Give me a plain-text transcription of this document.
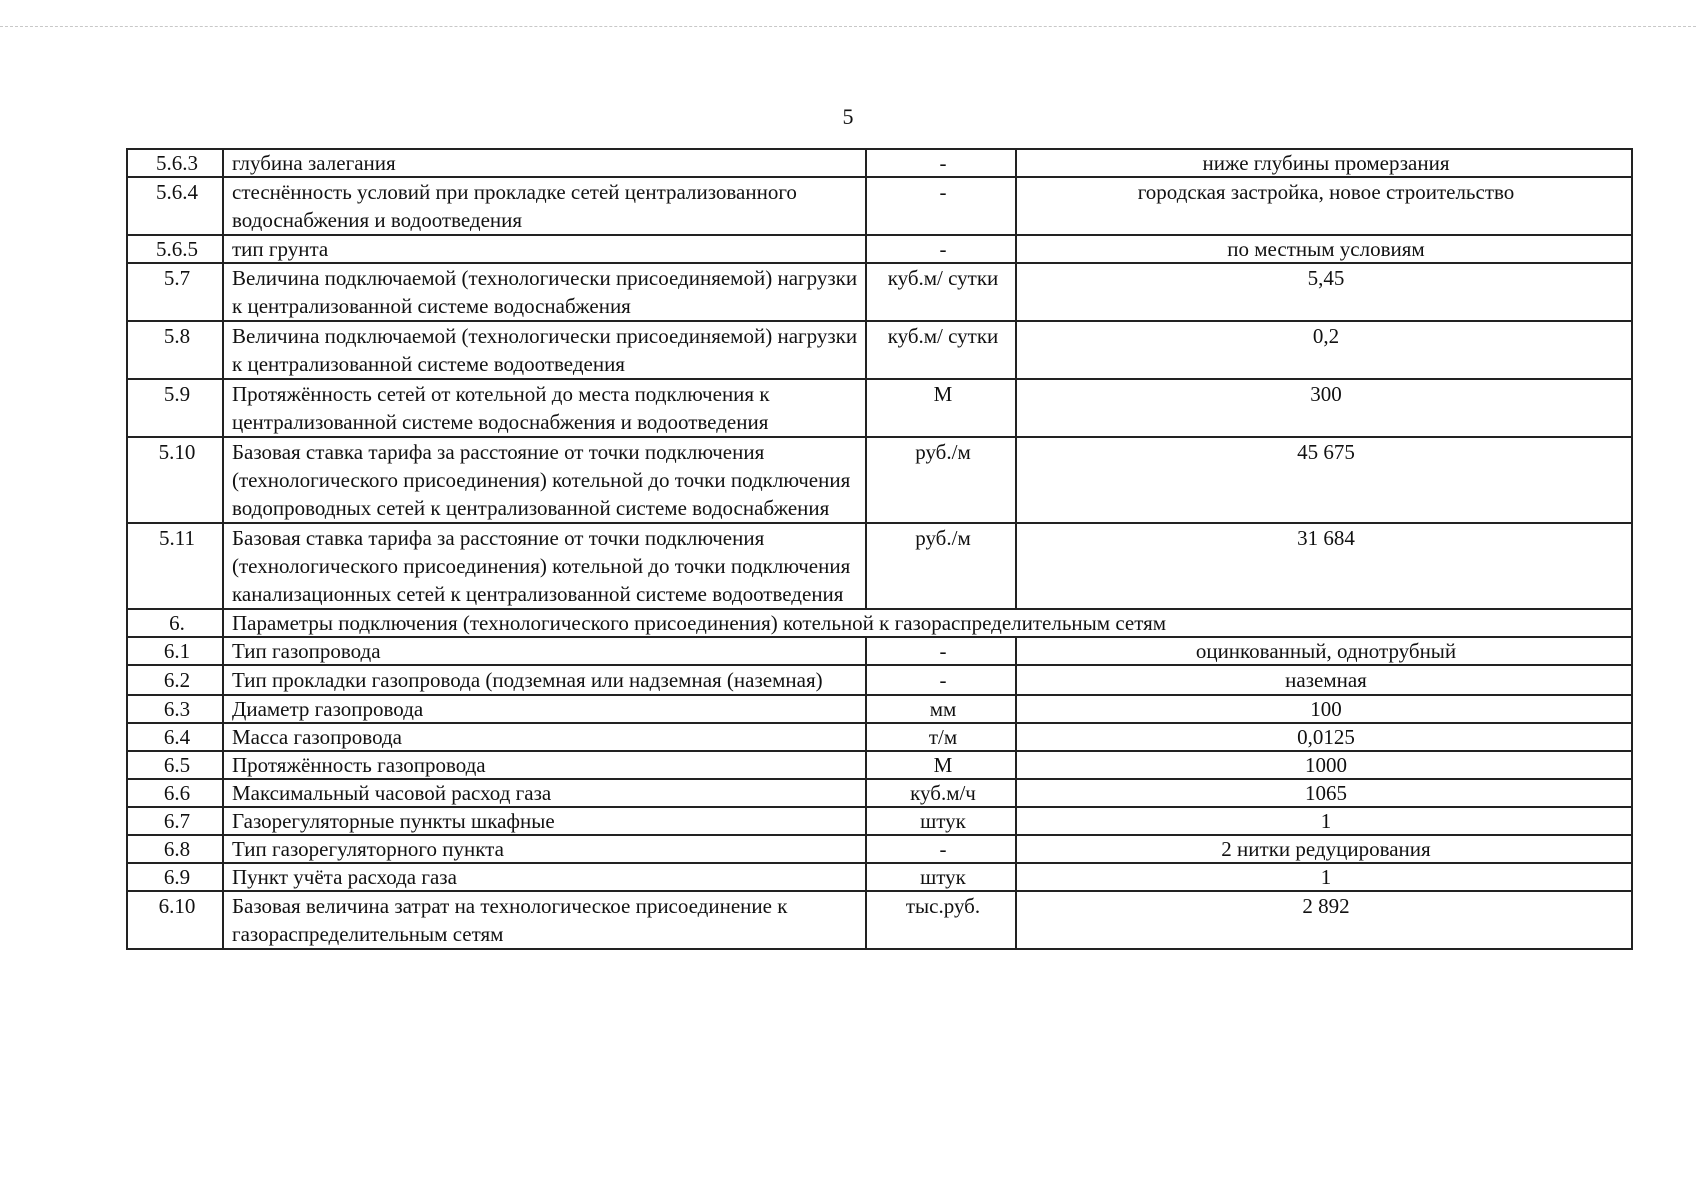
5
5.6.3	глубина залегания	-	ниже глубины промерзания
5.6.4	стеснённость условий при прокладке сетей централизованного водоснабжения и водоотведения	-	городская застройка, новое строительство
5.6.5	тип грунта	-	по местным условиям
5.7	Величина подключаемой (технологически присоединяемой) нагрузки к централизованной системе водоснабжения	куб.м/ сутки	5,45
5.8	Величина подключаемой (технологически присоединяемой) нагрузки к централизованной системе водоотведения	куб.м/ сутки	0,2
5.9	Протяжённость сетей от котельной до места подключения к централизованной системе водоснабжения и водоотведения	М	300
5.10	Базовая ставка тарифа за расстояние от точки подключения (технологического присоединения) котельной до точки подключения водопроводных сетей к централизованной системе водоснабжения	руб./м	45 675
5.11	Базовая ставка тарифа за расстояние от точки подключения (технологического присоединения) котельной до точки подключения канализационных сетей к централизованной системе водоотведения	руб./м	31 684
6.	Параметры подключения (технологического присоединения) котельной к газораспределительным сетям		
6.1	Тип газопровода	-	оцинкованный, однотрубный
6.2	Тип прокладки газопровода (подземная или надземная (наземная)	-	наземная
6.3	Диаметр газопровода	мм	100
6.4	Масса газопровода	т/м	0,0125
6.5	Протяжённость газопровода	М	1000
6.6	Максимальный часовой расход газа	куб.м/ч	1065
6.7	Газорегуляторные пункты шкафные	штук	1
6.8	Тип газорегуляторного пункта	-	2 нитки редуцирования
6.9	Пункт учёта расхода газа	штук	1
6.10	Базовая величина затрат на технологическое присоединение к газораспределительным сетям	тыс.руб.	2 892
